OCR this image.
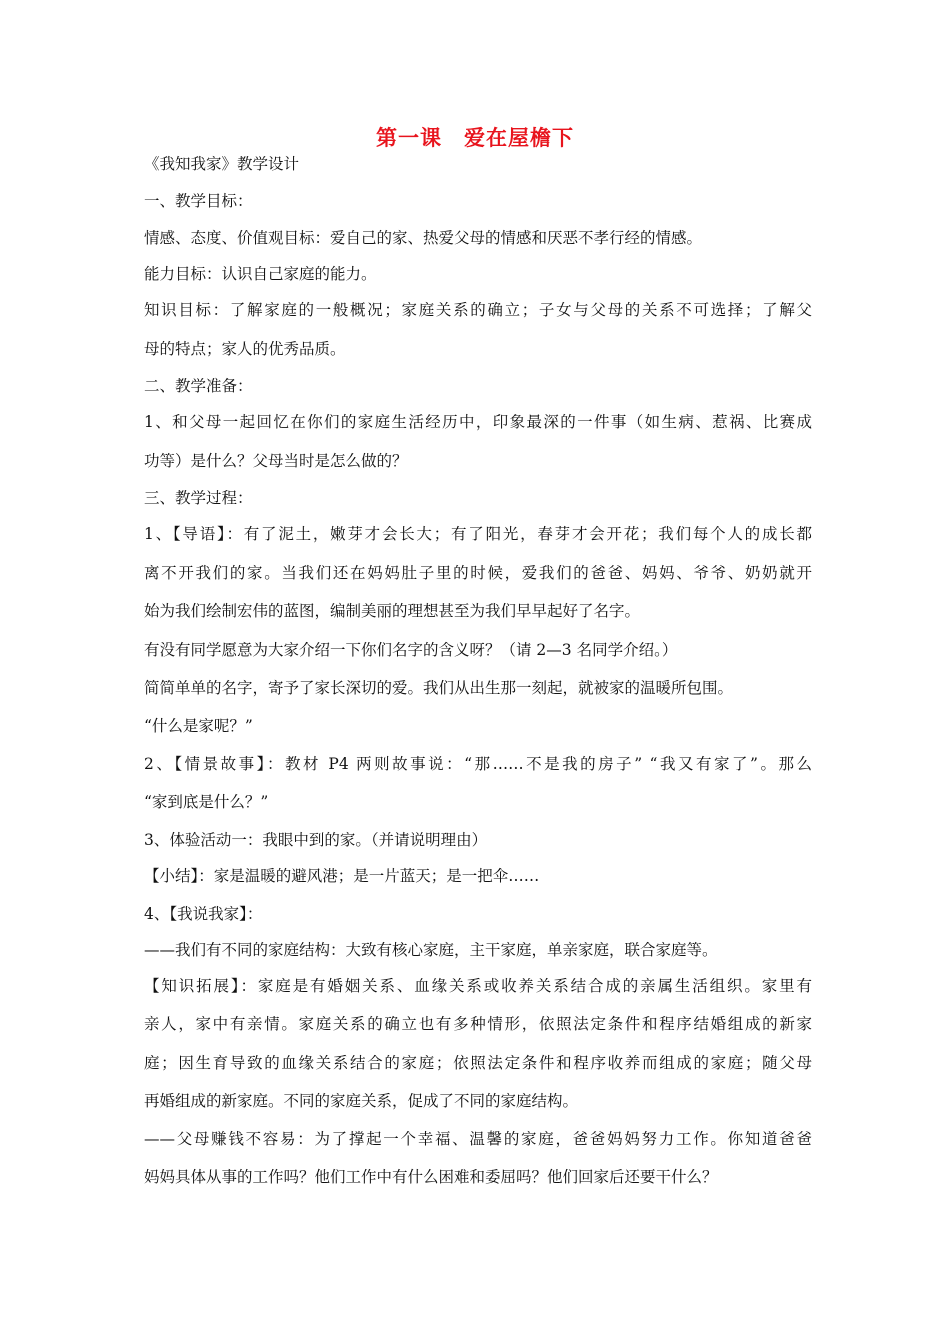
第一课　爱在屋檐下
《我知我家》教学设计
一、教学目标：
情感、态度、价值观目标：爱自己的家、热爱父母的情感和厌恶不孝行经的情感。
能力目标：认识自己家庭的能力。
知识目标：了解家庭的一般概况；家庭关系的确立；子女与父母的关系不可选择；了解父
母的特点；家人的优秀品质。
二、教学准备：
1、和父母一起回忆在你们的家庭生活经历中，印象最深的一件事（如生病、惹祸、比赛成
功等）是什么？父母当时是怎么做的？
三、教学过程：
1、【导语】：有了泥土，嫩芽才会长大；有了阳光，春芽才会开花；我们每个人的成长都
离不开我们的家。当我们还在妈妈肚子里的时候，爱我们的爸爸、妈妈、爷爷、奶奶就开
始为我们绘制宏伟的蓝图，编制美丽的理想甚至为我们早早起好了名字。
有没有同学愿意为大家介绍一下你们名字的含义呀？（请 2—3 名同学介绍。）
简简单单的名字，寄予了家长深切的爱。我们从出生那一刻起，就被家的温暖所包围。
“什么是家呢？”
2、【情景故事】：教材 P4 两则故事说：“那……不是我的房子” “我又有家了”。那么
“家到底是什么？”
3、体验活动一：我眼中到的家。（并请说明理由）
【小结】：家是温暖的避风港；是一片蓝天；是一把伞……
4、【我说我家】：
——我们有不同的家庭结构：大致有核心家庭，主干家庭，单亲家庭，联合家庭等。
【知识拓展】：家庭是有婚姻关系、血缘关系或收养关系结合成的亲属生活组织。家里有
亲人，家中有亲情。家庭关系的确立也有多种情形，依照法定条件和程序结婚组成的新家
庭；因生育导致的血缘关系结合的家庭；依照法定条件和程序收养而组成的家庭；随父母
再婚组成的新家庭。不同的家庭关系，促成了不同的家庭结构。
——父母赚钱不容易：为了撑起一个幸福、温馨的家庭，爸爸妈妈努力工作。你知道爸爸
妈妈具体从事的工作吗？他们工作中有什么困难和委屈吗？他们回家后还要干什么？
